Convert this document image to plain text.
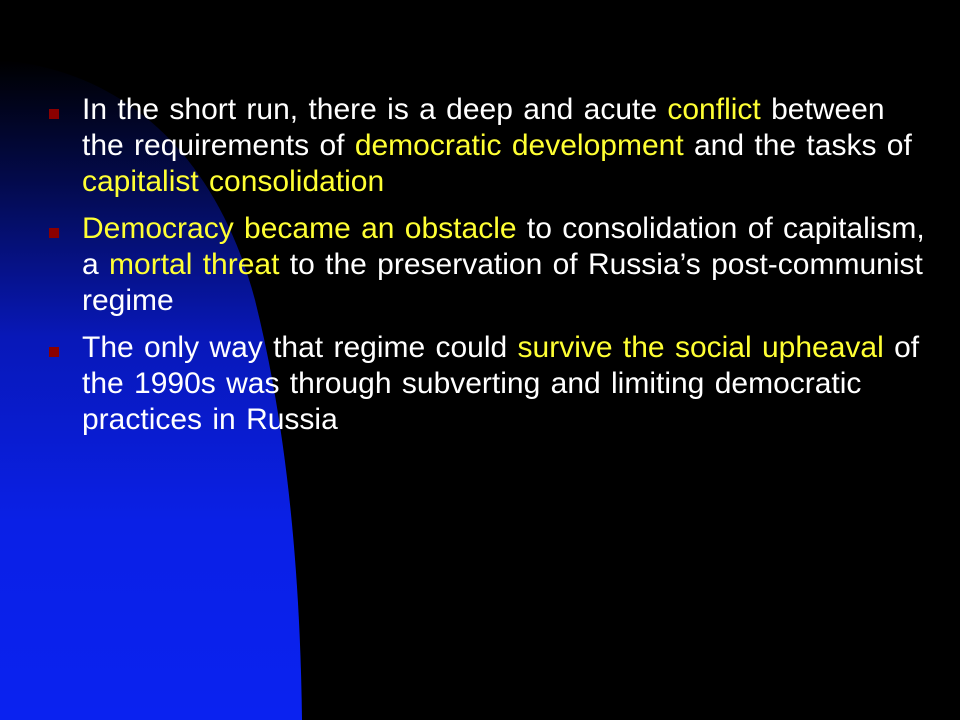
In the short run, there is a deep and acute conflict between the requirements of democratic development and the tasks of capitalist consolidation
Democracy became an obstacle to consolidation of capitalism, a mortal threat to the preservation of Russia’s post-communist regime
The only way that regime could survive the social upheaval of the 1990s was through subverting and limiting democratic practices in Russia
